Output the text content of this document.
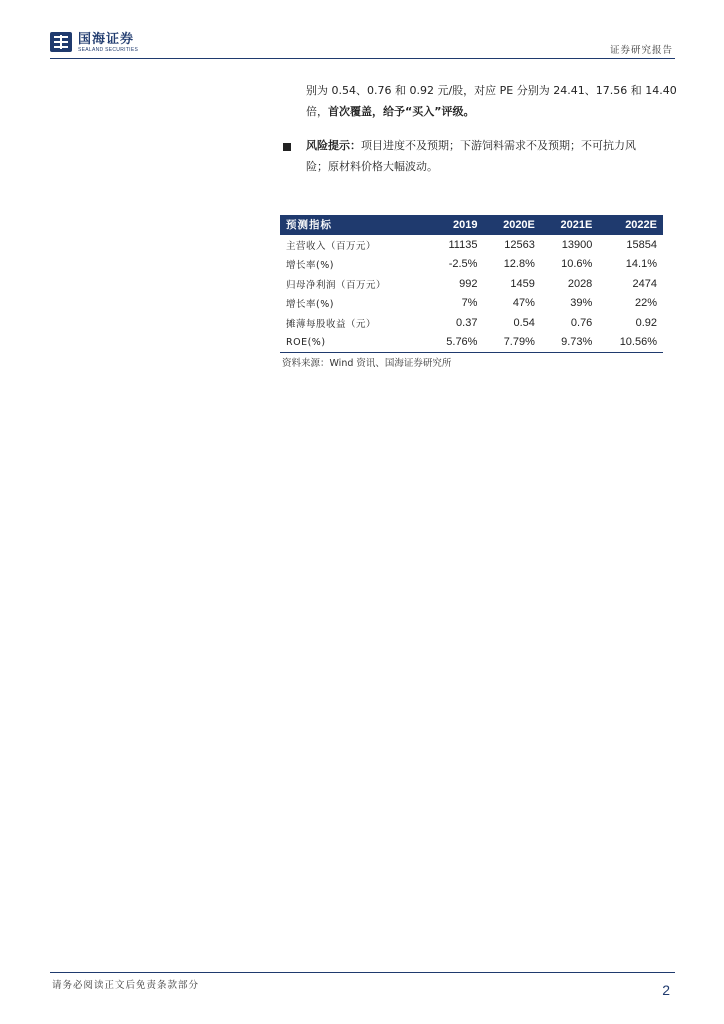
国海证券
SEALAND SECURITIES	证券研究报告
别为 0.54、0.76 和 0.92 元/股，对应 PE 分别为 24.41、17.56 和 14.40
倍，首次覆盖，给予“买入”评级。
风险提示：项目进度不及预期；下游饲料需求不及预期；不可抗力风
险；原材料价格大幅波动。
预测指标	2019	2020E	2021E	2022E
主营收入（百万元）	11135	12563	13900	15854
增长率(%)	-2.5%	12.8%	10.6%	14.1%
归母净利润（百万元）	992	1459	2028	2474
增长率(%)	7%	47%	39%	22%
摊薄每股收益（元）	0.37	0.54	0.76	0.92
ROE(%)	5.76%	7.79%	9.73%	10.56%
资料来源：Wind 资讯、国海证券研究所
请务必阅读正文后免责条款部分	2
